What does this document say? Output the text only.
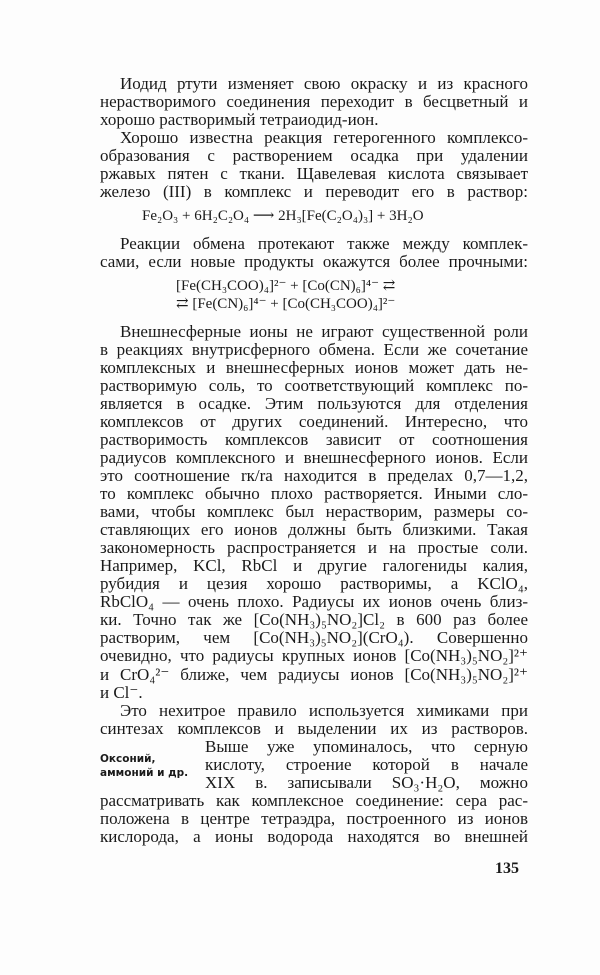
Иодид ртути изменяет свою окраску и из красного
нерастворимого соединения переходит в бесцветный и
хорошо растворимый тетраиодид-ион.
Хорошо известна реакция гетерогенного комплексо-
образования с растворением осадка при удалении
ржавых пятен с ткани. Щавелевая кислота связывает
железо (III) в комплекс и переводит его в раствор:
Fe₂O₃ + 6H₂C₂O₄ ⟶ 2H₃[Fe(C₂O₄)₃] + 3H₂O
Реакции обмена протекают также между комплек-
сами, если новые продукты окажутся более прочными:
[Fe(CH₃COO)₄]²⁻ + [Co(CN)₆]⁴⁻ ⇄
⇄ [Fe(CN)₆]⁴⁻ + [Co(CH₃COO)₄]²⁻
Внешнесферные ионы не играют существенной роли
в реакциях внутрисферного обмена. Если же сочетание
комплексных и внешнесферных ионов может дать не-
растворимую соль, то соответствующий комплекс по-
является в осадке. Этим пользуются для отделения
комплексов от других соединений. Интересно, что
растворимость комплексов зависит от соотношения
радиусов комплексного и внешнесферного ионов. Если
это соотношение rк/rа находится в пределах 0,7—1,2,
то комплекс обычно плохо растворяется. Иными сло-
вами, чтобы комплекс был нерастворим, размеры со-
ставляющих его ионов должны быть близкими. Такая
закономерность распространяется и на простые соли.
Например, KCl, RbCl и другие галогениды калия,
рубидия и цезия хорошо растворимы, а KClO₄,
RbClO₄ — очень плохо. Радиусы их ионов очень близ-
ки. Точно так же [Co(NH₃)₅NO₂]Cl₂ в 600 раз более
растворим, чем [Co(NH₃)₅NO₂](CrO₄). Совершенно
очевидно, что радиусы крупных ионов [Co(NH₃)₅NO₂]²⁺
и CrO₄²⁻ ближе, чем радиусы ионов [Co(NH₃)₅NO₂]²⁺
и Cl⁻.
Это нехитрое правило используется химиками при
синтезах комплексов и выделении их из растворов.
Оксоний,
аммоний и др.
Выше уже упоминалось, что серную
кислоту, строение которой в начале
XIX в. записывали SO₃·H₂O, можно
рассматривать как комплексное соединение: сера рас-
положена в центре тетраэдра, построенного из ионов
кислорода, а ионы водорода находятся во внешней
135
